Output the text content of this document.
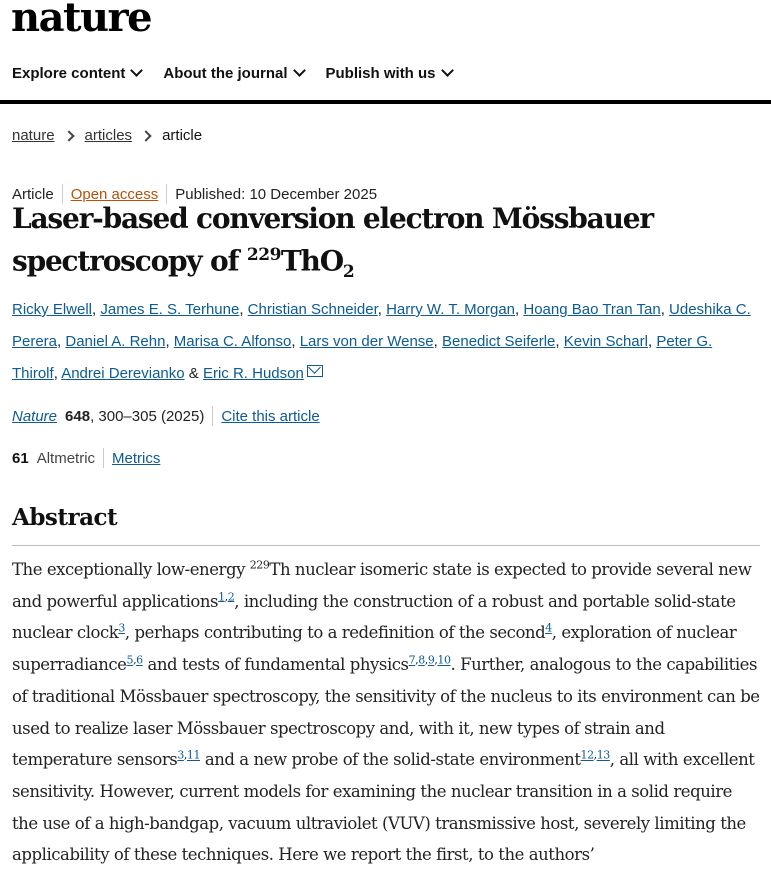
nature
Explore content	About the journal	Publish with us
nature articles article
Article Open access Published: 10 December 2025
Laser-based conversion electron Mössbauer spectroscopy of $^{229}$ThO$_2$
Ricky Elwell, James E. S. Terhune, Christian Schneider, Harry W. T. Morgan, Hoang Bao Tran Tan, Udeshika C. Perera, Daniel A. Rehn, Marisa C. Alfonso, Lars von der Wense, Benedict Seiferle, Kevin Scharl, Peter G. Thirolf, Andrei Derevianko & Eric R. Hudson
Nature 648 , 300–305 (2025) Cite this article
61 Altmetric Metrics
Abstract

The exceptionally low-energy $^{229}$Th nuclear isomeric state is expected to provide several new and powerful applications$^{1,2}$, including the construction of a robust and portable solid-state nuclear clock$^3$, perhaps contributing to a redefinition of the second$^4$, exploration of nuclear superradiance$^{5,6}$ and tests of fundamental physics$^{7,8,9,10}$. Further, analogous to the capabilities of traditional Mössbauer spectroscopy, the sensitivity of the nucleus to its environment can be used to realize laser Mössbauer spectroscopy and, with it, new types of strain and temperature sensors$^{3,11}$ and a new probe of the solid-state environment$^{12,13}$, all with excellent sensitivity. However, current models for examining the nuclear transition in a solid require the use of a high-bandgap, vacuum ultraviolet (VUV) transmissive host, severely limiting the applicability of these techniques. Here we report the first, to the authors’
